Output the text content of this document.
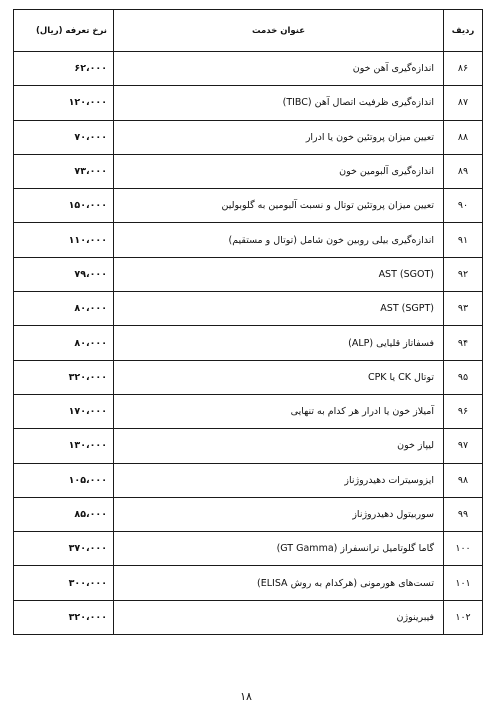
ردیف	عنوان خدمت	نرخ تعرفه (ریال)
۸۶	اندازه‌گیری آهن خون	۶۲،۰۰۰
۸۷	اندازه‌گیری ظرفیت اتصال آهن (TIBC)	۱۲۰،۰۰۰
۸۸	تعیین میزان پروتئین خون یا ادرار	۷۰،۰۰۰
۸۹	اندازه‌گیری آلبومین خون	۷۳،۰۰۰
۹۰	تعیین میزان پروتئین توتال و نسبت آلبومین به گلوبولین	۱۵۰،۰۰۰
۹۱	اندازه‌گیری بیلی روبین خون شامل (توتال و مستقیم)	۱۱۰،۰۰۰
۹۲	AST (SGOT)	۷۹،۰۰۰
۹۳	AST (SGPT)	۸۰،۰۰۰
۹۴	فسفاتاز قلیایی (ALP)	۸۰،۰۰۰
۹۵	توتال CK یا CPK	۳۲۰،۰۰۰
۹۶	آمیلاز خون یا ادرار هر کدام به تنهایی	۱۷۰،۰۰۰
۹۷	لیپاز خون	۱۳۰،۰۰۰
۹۸	ایزوسیترات دهیدروژناز	۱۰۵،۰۰۰
۹۹	سوربیتول دهیدروژناز	۸۵،۰۰۰
۱۰۰	گاما گلوتامیل ترانسفراز (GT Gamma)	۳۷۰،۰۰۰
۱۰۱	تست‌های هورمونی (هرکدام به روش ELISA)	۳۰۰،۰۰۰
۱۰۲	فیبرینوژن	۳۲۰،۰۰۰
۱۸
